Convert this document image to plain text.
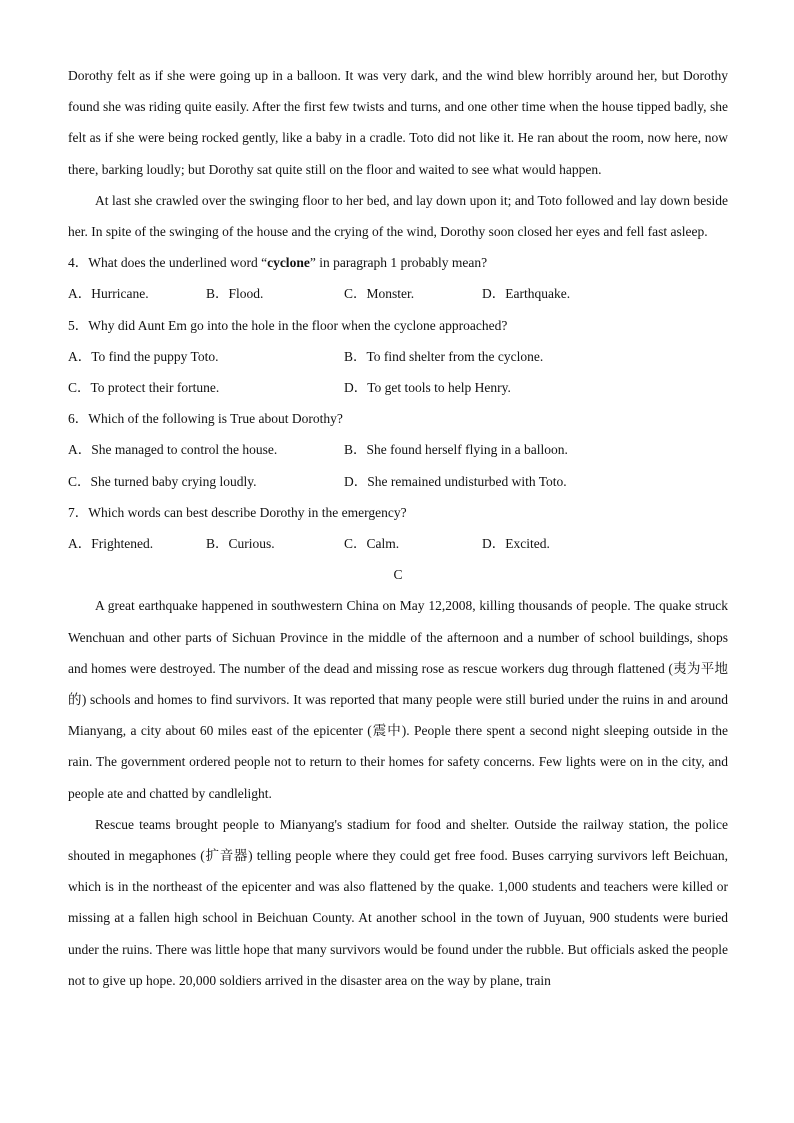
Dorothy felt as if she were going up in a balloon. It was very dark, and the wind blew horribly around her, but Dorothy found she was riding quite easily. After the first few twists and turns, and one other time when the house tipped badly, she felt as if she were being rocked gently, like a baby in a cradle. Toto did not like it. He ran about the room, now here, now there, barking loudly; but Dorothy sat quite still on the floor and waited to see what would happen.

At last she crawled over the swinging floor to her bed, and lay down upon it; and Toto followed and lay down beside her. In spite of the swinging of the house and the crying of the wind, Dorothy soon closed her eyes and fell fast asleep.

4．What does the underlined word “cyclone” in paragraph 1 probably mean?

A．Hurricane.	B．Flood.	C．Monster.	D．Earthquake.

5．Why did Aunt Em go into the hole in the floor when the cyclone approached?

A．To find the puppy Toto.	B．To find shelter from the cyclone.
C．To protect their fortune.	D．To get tools to help Henry.

6．Which of the following is True about Dorothy?

A．She managed to control the house.	B．She found herself flying in a balloon.
C．She turned baby crying loudly.	D．She remained undisturbed with Toto.

7．Which words can best describe Dorothy in the emergency?

A．Frightened.	B．Curious.	C．Calm.	D．Excited.

C

A great earthquake happened in southwestern China on May 12,2008, killing thousands of people. The quake struck Wenchuan and other parts of Sichuan Province in the middle of the afternoon and a number of school buildings, shops and homes were destroyed. The number of the dead and missing rose as rescue workers dug through flattened (夷为平地的) schools and homes to find survivors. It was reported that many people were still buried under the ruins in and around Mianyang, a city about 60 miles east of the epicenter (震中). People there spent a second night sleeping outside in the rain. The government ordered people not to return to their homes for safety concerns. Few lights were on in the city, and people ate and chatted by candlelight.

Rescue teams brought people to Mianyang's stadium for food and shelter. Outside the railway station, the police shouted in megaphones (扩音器) telling people where they could get free food. Buses carrying survivors left Beichuan, which is in the northeast of the epicenter and was also flattened by the quake. 1,000 students and teachers were killed or missing at a fallen high school in Beichuan County. At another school in the town of Juyuan, 900 students were buried under the ruins. There was little hope that many survivors would be found under the rubble. But officials asked the people not to give up hope. 20,000 soldiers arrived in the disaster area on the way by plane, train
